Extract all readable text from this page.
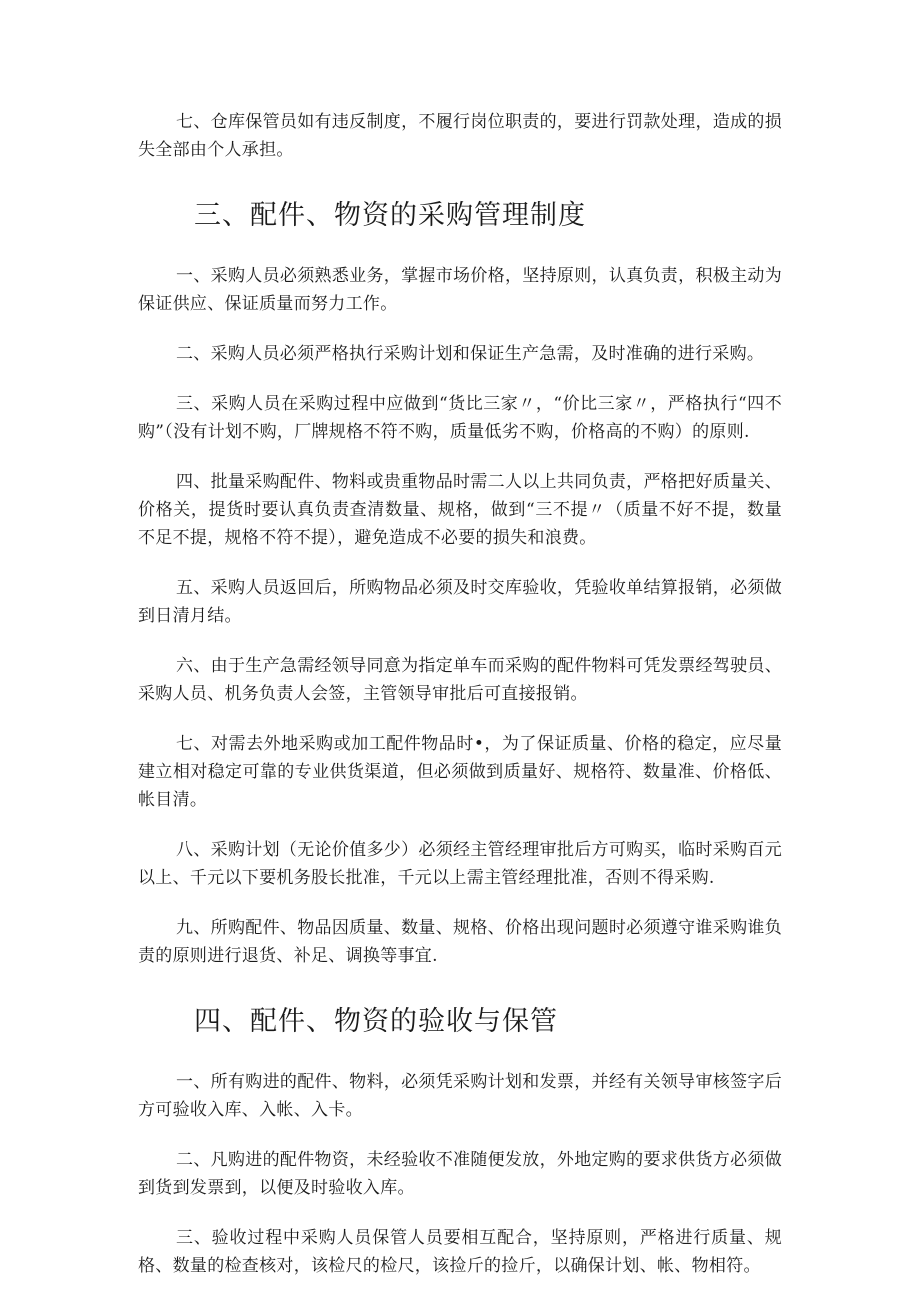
七、仓库保管员如有违反制度，不履行岗位职责的，要进行罚款处理，造成的损失全部由个人承担。

三、配件、物资的采购管理制度

一、采购人员必须熟悉业务，掌握市场价格，坚持原则，认真负责，积极主动为保证供应、保证质量而努力工作。

二、采购人员必须严格执行采购计划和保证生产急需，及时准确的进行采购。

三、采购人员在采购过程中应做到“货比三家〃，“价比三家〃，严格执行“四不购”（没有计划不购，厂牌规格不符不购，质量低劣不购，价格高的不购）的原则.

四、批量采购配件、物料或贵重物品时需二人以上共同负责，严格把好质量关、价格关，提货时要认真负责查清数量、规格，做到“三不提〃（质量不好不提，数量不足不提，规格不符不提），避免造成不必要的损失和浪费。

五、采购人员返回后，所购物品必须及时交库验收，凭验收单结算报销，必须做到日清月结。

六、由于生产急需经领导同意为指定单车而采购的配件物料可凭发票经驾驶员、采购人员、机务负责人会签，主管领导审批后可直接报销。

七、对需去外地采购或加工配件物品时•，为了保证质量、价格的稳定，应尽量建立相对稳定可靠的专业供货渠道，但必须做到质量好、规格符、数量准、价格低、帐目清。

八、采购计划（无论价值多少）必须经主管经理审批后方可购买，临时采购百元以上、千元以下要机务股长批准，千元以上需主管经理批准，否则不得采购.

九、所购配件、物品因质量、数量、规格、价格出现问题时必须遵守谁采购谁负责的原则进行退货、补足、调换等事宜.

四、配件、物资的验收与保管

一、所有购进的配件、物料，必须凭采购计划和发票，并经有关领导审核签字后方可验收入库、入帐、入卡。

二、凡购进的配件物资，未经验收不准随便发放，外地定购的要求供货方必须做到货到发票到，以便及时验收入库。

三、验收过程中采购人员保管人员要相互配合，坚持原则，严格进行质量、规格、数量的检查核对，该检尺的检尺，该捡斤的捡斤，以确保计划、帐、物相符。
